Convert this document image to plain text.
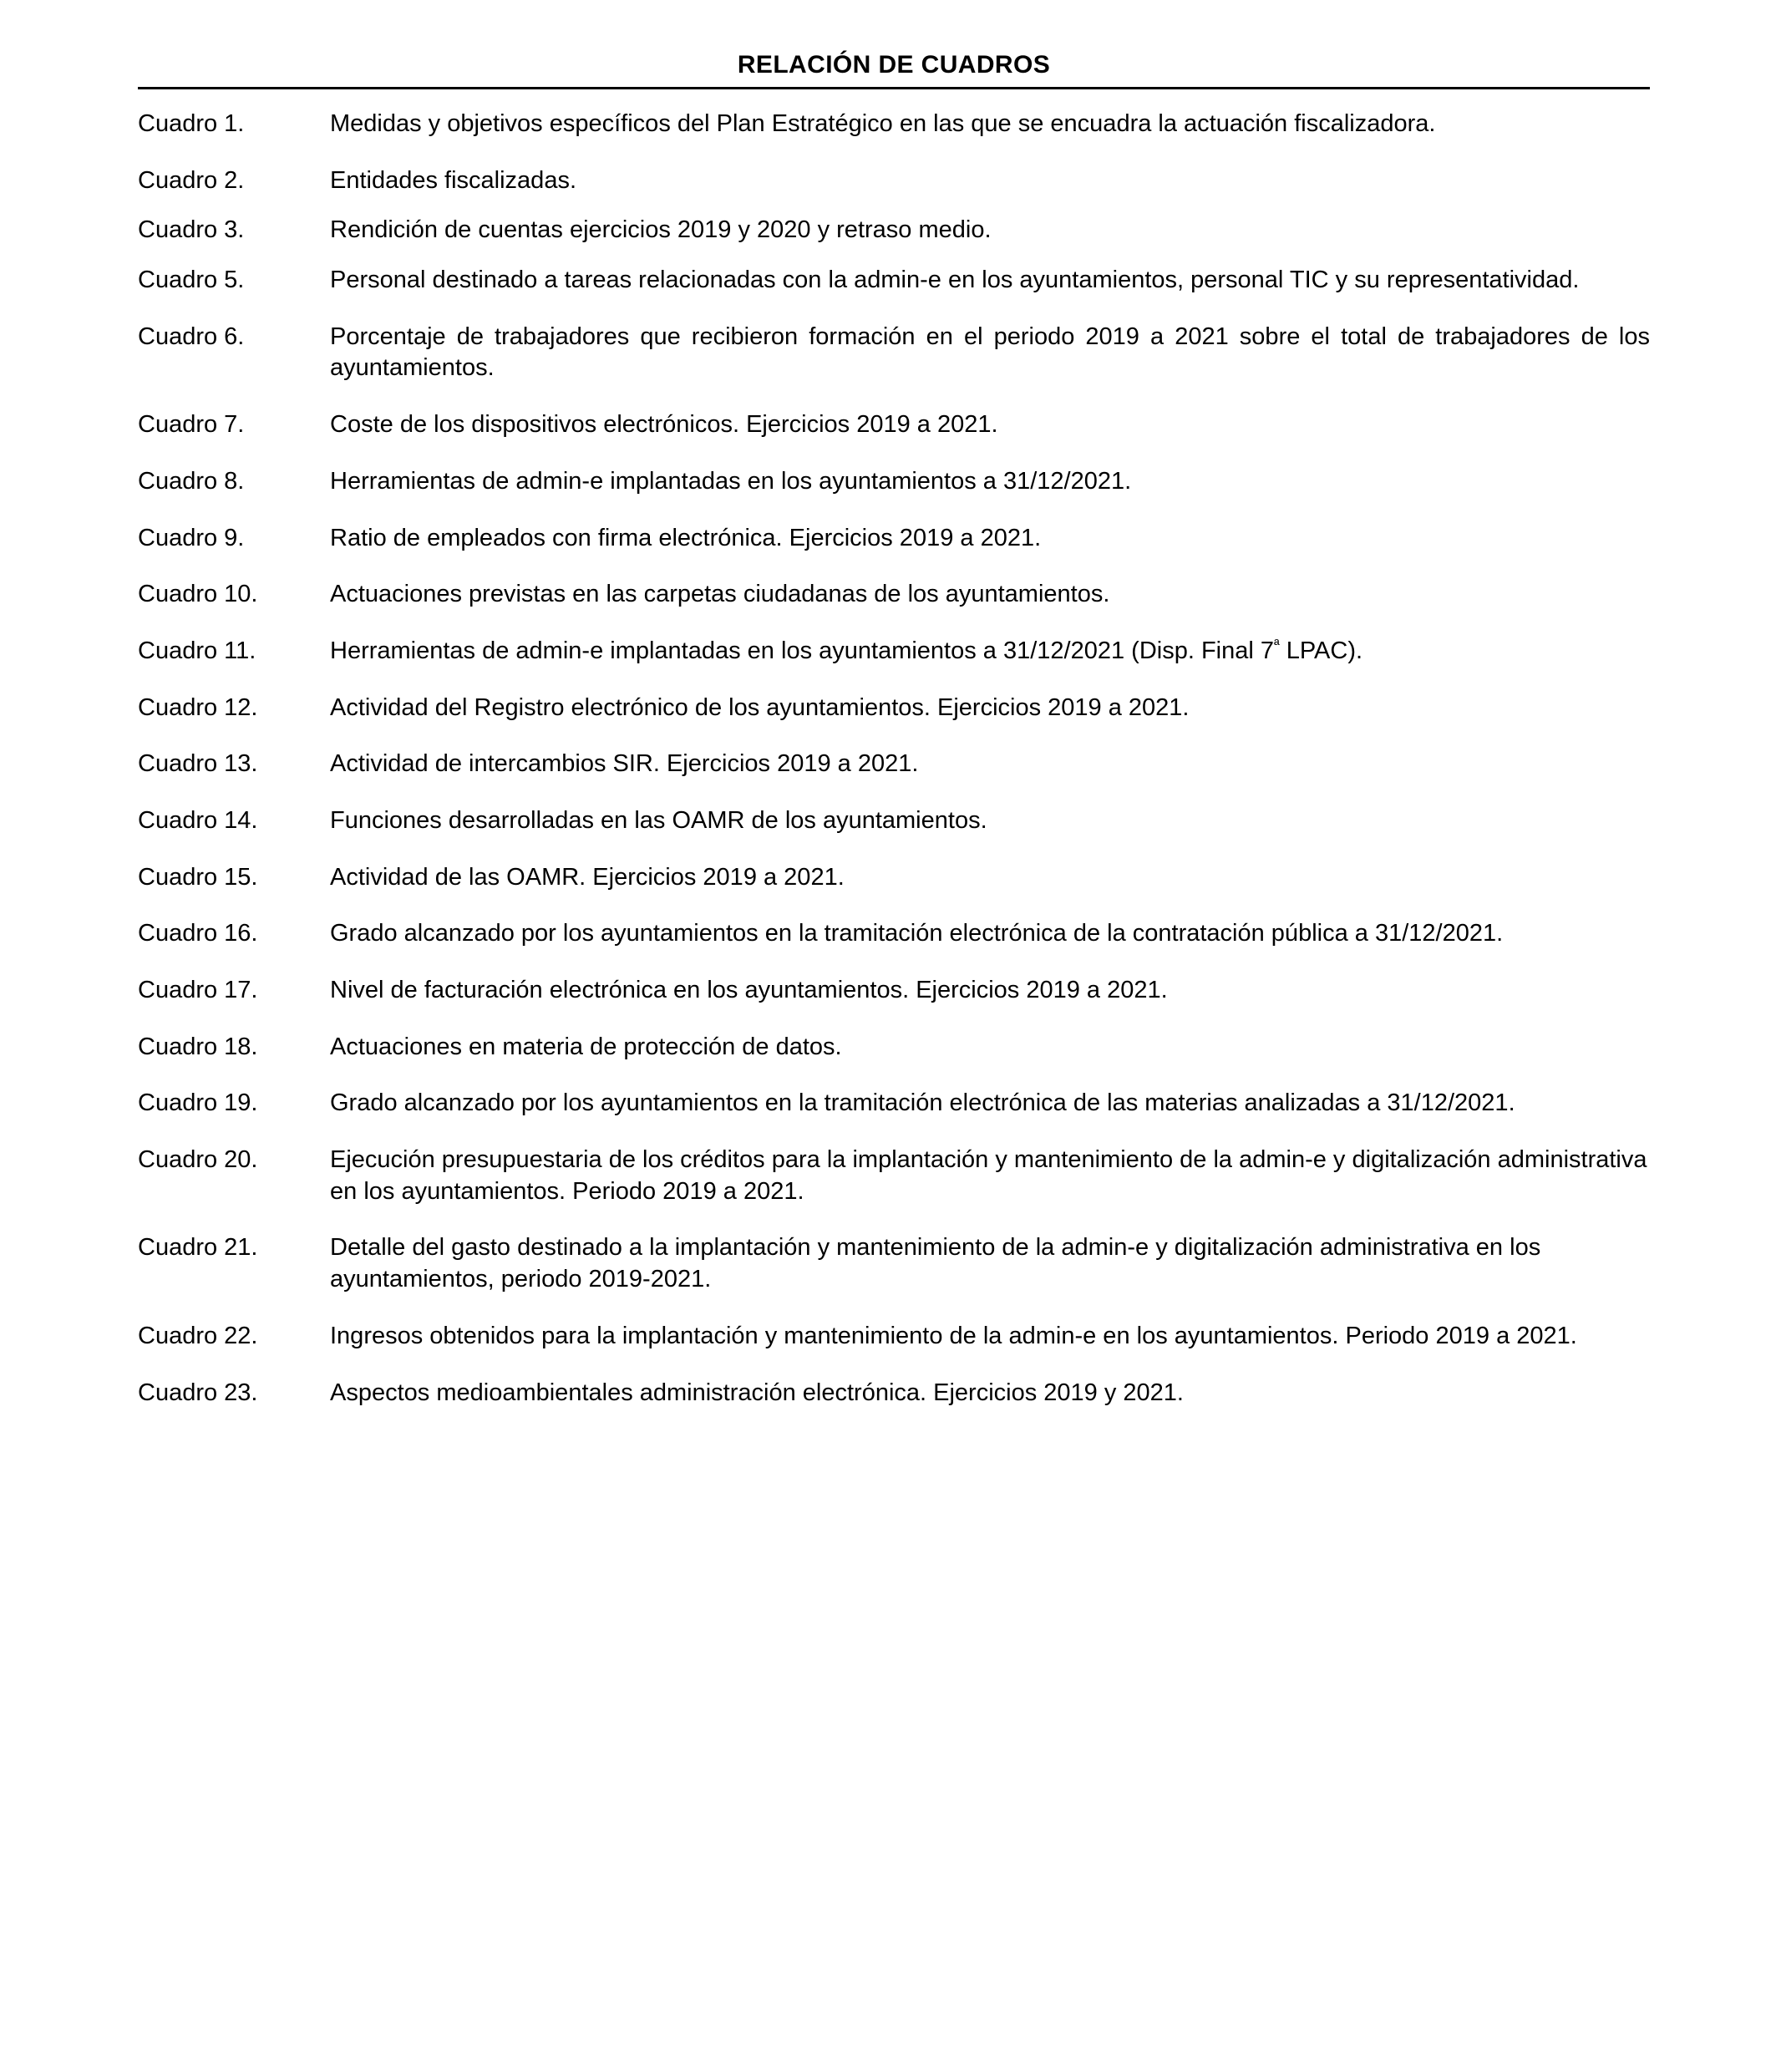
RELACIÓN DE CUADROS
Cuadro 1.	Medidas y objetivos específicos del Plan Estratégico en las que se encuadra la actuación fiscalizadora.
Cuadro 2.	Entidades fiscalizadas.
Cuadro 3.	Rendición de cuentas ejercicios 2019 y 2020 y retraso medio.
Cuadro 5.	Personal destinado a tareas relacionadas con la admin-e en los ayuntamientos, personal TIC y su representatividad.
Cuadro 6.	Porcentaje de trabajadores que recibieron formación en el periodo 2019 a 2021 sobre el total de trabajadores de los ayuntamientos.
Cuadro 7.	Coste de los dispositivos electrónicos. Ejercicios 2019 a 2021.
Cuadro 8.	Herramientas de admin-e implantadas en los ayuntamientos a 31/12/2021.
Cuadro 9.	Ratio de empleados con firma electrónica. Ejercicios 2019 a 2021.
Cuadro 10.	Actuaciones previstas en las carpetas ciudadanas de los ayuntamientos.
Cuadro 11.	Herramientas de admin-e implantadas en los ayuntamientos a 31/12/2021 (Disp. Final $7^ª$ LPAC).
Cuadro 12.	Actividad del Registro electrónico de los ayuntamientos. Ejercicios 2019 a 2021.
Cuadro 13.	Actividad de intercambios SIR. Ejercicios 2019 a 2021.
Cuadro 14.	Funciones desarrolladas en las OAMR de los ayuntamientos.
Cuadro 15.	Actividad de las OAMR. Ejercicios 2019 a 2021.
Cuadro 16.	Grado alcanzado por los ayuntamientos en la tramitación electrónica de la contratación pública a 31/12/2021.
Cuadro 17.	Nivel de facturación electrónica en los ayuntamientos. Ejercicios 2019 a 2021.
Cuadro 18.	Actuaciones en materia de protección de datos.
Cuadro 19.	Grado alcanzado por los ayuntamientos en la tramitación electrónica de las materias analizadas a 31/12/2021.
Cuadro 20.	Ejecución presupuestaria de los créditos para la implantación y mantenimiento de la admin-e y digitalización administrativa en los ayuntamientos. Periodo 2019 a 2021.
Cuadro 21.	Detalle del gasto destinado a la implantación y mantenimiento de la admin-e y digitalización administrativa en los ayuntamientos, periodo 2019-2021.
Cuadro 22.	Ingresos obtenidos para la implantación y mantenimiento de la admin-e en los ayuntamientos. Periodo 2019 a 2021.
Cuadro 23.	Aspectos medioambientales administración electrónica. Ejercicios 2019 y 2021.
